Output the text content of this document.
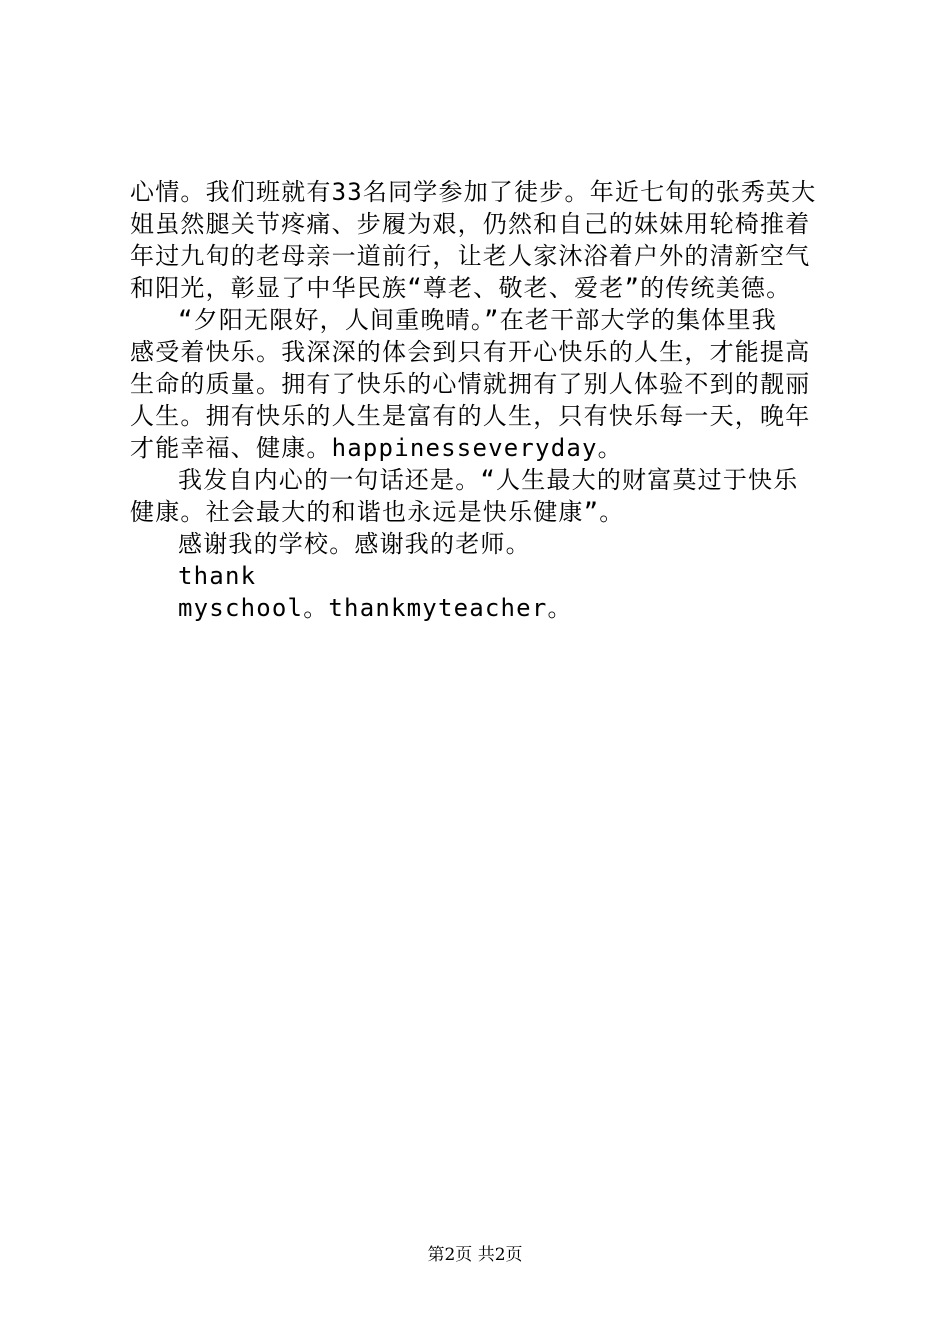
心情。我们班就有33名同学参加了徒步。年近七旬的张秀英大
姐虽然腿关节疼痛、步履为艰，仍然和自己的妹妹用轮椅推着
年过九旬的老母亲一道前行，让老人家沐浴着户外的清新空气
和阳光，彰显了中华民族“尊老、敬老、爱老”的传统美德。
“夕阳无限好，人间重晚晴。”在老干部大学的集体里我
感受着快乐。我深深的体会到只有开心快乐的人生，才能提高
生命的质量。拥有了快乐的心情就拥有了别人体验不到的靓丽
人生。拥有快乐的人生是富有的人生，只有快乐每一天，晚年
才能幸福、健康。happinesseveryday。
我发自内心的一句话还是。“人生最大的财富莫过于快乐
健康。社会最大的和谐也永远是快乐健康”。
感谢我的学校。感谢我的老师。
thank
myschool。thankmyteacher。
第2页 共2页
